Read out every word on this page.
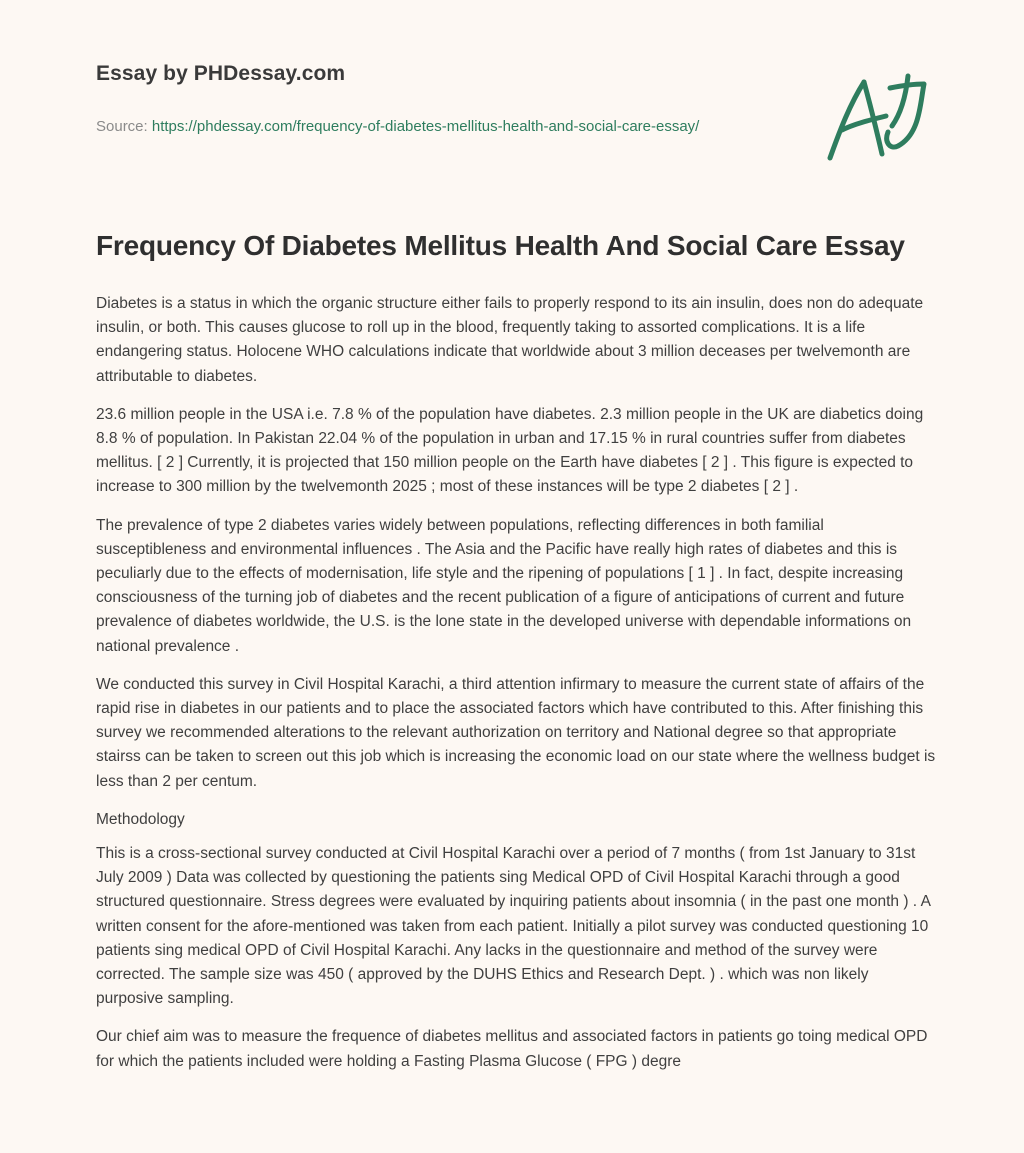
Essay by PHDessay.com
Source: https://phdessay.com/frequency-of-diabetes-mellitus-health-and-social-care-essay/
Frequency Of Diabetes Mellitus Health And Social Care Essay

Diabetes is a status in which the organic structure either fails to properly respond to its ain insulin, does non do adequate insulin, or both. This causes glucose to roll up in the blood, frequently taking to assorted complications. It is a life endangering status. Holocene WHO calculations indicate that worldwide about 3 million deceases per twelvemonth are attributable to diabetes.

23.6 million people in the USA i.e. 7.8 % of the population have diabetes. 2.3 million people in the UK are diabetics doing 8.8 % of population. In Pakistan 22.04 % of the population in urban and 17.15 % in rural countries suffer from diabetes mellitus. [ 2 ] Currently, it is projected that 150 million people on the Earth have diabetes [ 2 ] . This figure is expected to increase to 300 million by the twelvemonth 2025 ; most of these instances will be type 2 diabetes [ 2 ] .

The prevalence of type 2 diabetes varies widely between populations, reflecting differences in both familial susceptibleness and environmental influences . The Asia and the Pacific have really high rates of diabetes and this is peculiarly due to the effects of modernisation, life style and the ripening of populations [ 1 ] . In fact, despite increasing consciousness of the turning job of diabetes and the recent publication of a figure of anticipations of current and future prevalence of diabetes worldwide, the U.S. is the lone state in the developed universe with dependable informations on national prevalence .

We conducted this survey in Civil Hospital Karachi, a third attention infirmary to measure the current state of affairs of the rapid rise in diabetes in our patients and to place the associated factors which have contributed to this. After finishing this survey we recommended alterations to the relevant authorization on territory and National degree so that appropriate stairss can be taken to screen out this job which is increasing the economic load on our state where the wellness budget is less than 2 per centum.

Methodology

This is a cross-sectional survey conducted at Civil Hospital Karachi over a period of 7 months ( from 1st January to 31st July 2009 ) Data was collected by questioning the patients sing Medical OPD of Civil Hospital Karachi through a good structured questionnaire. Stress degrees were evaluated by inquiring patients about insomnia ( in the past one month ) . A written consent for the afore-mentioned was taken from each patient. Initially a pilot survey was conducted questioning 10 patients sing medical OPD of Civil Hospital Karachi. Any lacks in the questionnaire and method of the survey were corrected. The sample size was 450 ( approved by the DUHS Ethics and Research Dept. ) . which was non likely purposive sampling.

Our chief aim was to measure the frequence of diabetes mellitus and associated factors in patients go toing medical OPD for which the patients included were holding a Fasting Plasma Glucose ( FPG ) degre
